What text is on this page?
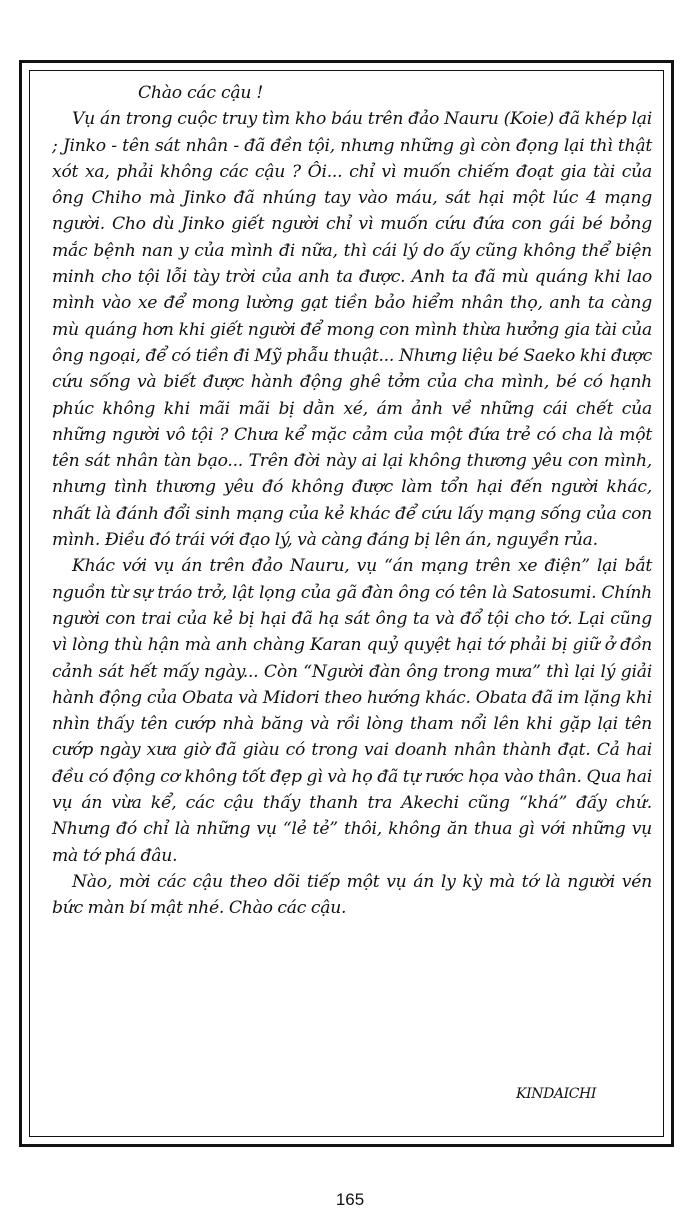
Chào các cậu !

Vụ án trong cuộc truy tìm kho báu trên đảo Nauru (Koie) đã khép lại ; Jinko - tên sát nhân - đã đền tội, nhưng những gì còn đọng lại thì thật xót xa, phải không các cậu ? Ôi... chỉ vì muốn chiếm đoạt gia tài của ông Chiho mà Jinko đã nhúng tay vào máu, sát hại một lúc 4 mạng người. Cho dù Jinko giết người chỉ vì muốn cứu đứa con gái bé bỏng mắc bệnh nan y của mình đi nữa, thì cái lý do ấy cũng không thể biện minh cho tội lỗi tày trời của anh ta được. Anh ta đã mù quáng khi lao mình vào xe để mong lường gạt tiền bảo hiểm nhân thọ, anh ta càng mù quáng hơn khi giết người để mong con mình thừa hưởng gia tài của ông ngoại, để có tiền đi Mỹ phẫu thuật... Nhưng liệu bé Saeko khi được cứu sống và biết được hành động ghê tởm của cha mình, bé có hạnh phúc không khi mãi mãi bị dằn xé, ám ảnh về những cái chết của những người vô tội ? Chưa kể mặc cảm của một đứa trẻ có cha là một tên sát nhân tàn bạo... Trên đời này ai lại không thương yêu con mình, nhưng tình thương yêu đó không được làm tổn hại đến người khác, nhất là đánh đổi sinh mạng của kẻ khác để cứu lấy mạng sống của con mình. Điều đó trái với đạo lý, và càng đáng bị lên án, nguyền rủa.

Khác với vụ án trên đảo Nauru, vụ “án mạng trên xe điện” lại bắt nguồn từ sự tráo trở, lật lọng của gã đàn ông có tên là Satosumi. Chính người con trai của kẻ bị hại đã hạ sát ông ta và đổ tội cho tớ. Lại cũng vì lòng thù hận mà anh chàng Karan quỷ quyệt hại tớ phải bị giữ ở đồn cảnh sát hết mấy ngày... Còn “Người đàn ông trong mưa” thì lại lý giải hành động của Obata và Midori theo hướng khác. Obata đã im lặng khi nhìn thấy tên cướp nhà băng và rồi lòng tham nổi lên khi gặp lại tên cướp ngày xưa giờ đã giàu có trong vai doanh nhân thành đạt. Cả hai đều có động cơ không tốt đẹp gì và họ đã tự rước họa vào thân. Qua hai vụ án vừa kể, các cậu thấy thanh tra Akechi cũng “khá” đấy chứ. Nhưng đó chỉ là những vụ “lẻ tẻ” thôi, không ăn thua gì với những vụ mà tớ phá đâu.

Nào, mời các cậu theo dõi tiếp một vụ án ly kỳ mà tớ là người vén bức màn bí mật nhé. Chào các cậu.

KINDAICHI
165
